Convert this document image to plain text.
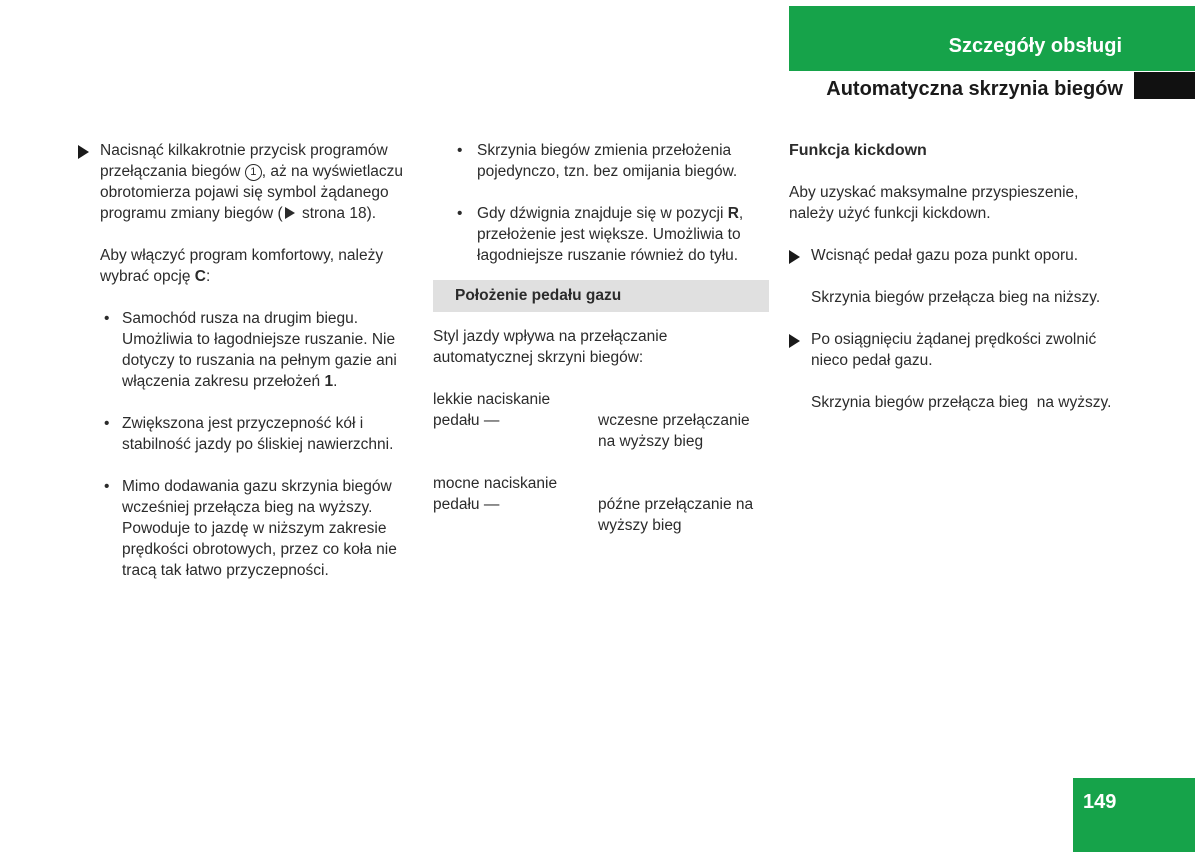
Szczegóły obsługi
Automatyczna skrzynia biegów
Nacisnąć kilkakrotnie przycisk programów przełączania biegów 1 , aż na wyświetlaczu obrotomierza pojawi się symbol żądanego programu zmiany biegów ( strona 18).

Aby włączyć program komfortowy, należy wybrać opcję C:

• Samochód rusza na drugim biegu. Umożliwia to łagodniejsze ruszanie. Nie dotyczy to ruszania na pełnym gazie ani włączenia zakresu przełożeń 1.
• Zwiększona jest przyczepność kół i stabilność jazdy po śliskiej nawierzchni.
• Mimo dodawania gazu skrzynia biegów wcześniej przełącza bieg na wyższy. Powoduje to jazdę w niższym zakresie prędkości obrotowych, przez co koła nie tracą tak łatwo przyczepności.
• Skrzynia biegów zmienia przełożenia pojedynczo, tzn. bez omijania biegów.
• Gdy dźwignia znajduje się w pozycji R, przełożenie jest większe. Umożliwia to łagodniejsze ruszanie również do tyłu.
Położenie pedału gazu

Styl jazdy wpływa na przełączanie automatycznej skrzyni biegów:

lekkie naciskanie
pedału —	wczesne przełączanie na wyższy bieg
mocne naciskanie
pedału —	późne przełączanie na wyższy bieg

Funkcja kickdown

Aby uzyskać maksymalne przyspieszenie, należy użyć funkcji kickdown.

Wcisnąć pedał gazu poza punkt oporu.

Skrzynia biegów przełącza bieg na niższy.

Po osiągnięciu żądanej prędkości zwolnić nieco pedał gazu.

Skrzynia biegów przełącza bieg  na wyższy.

149
